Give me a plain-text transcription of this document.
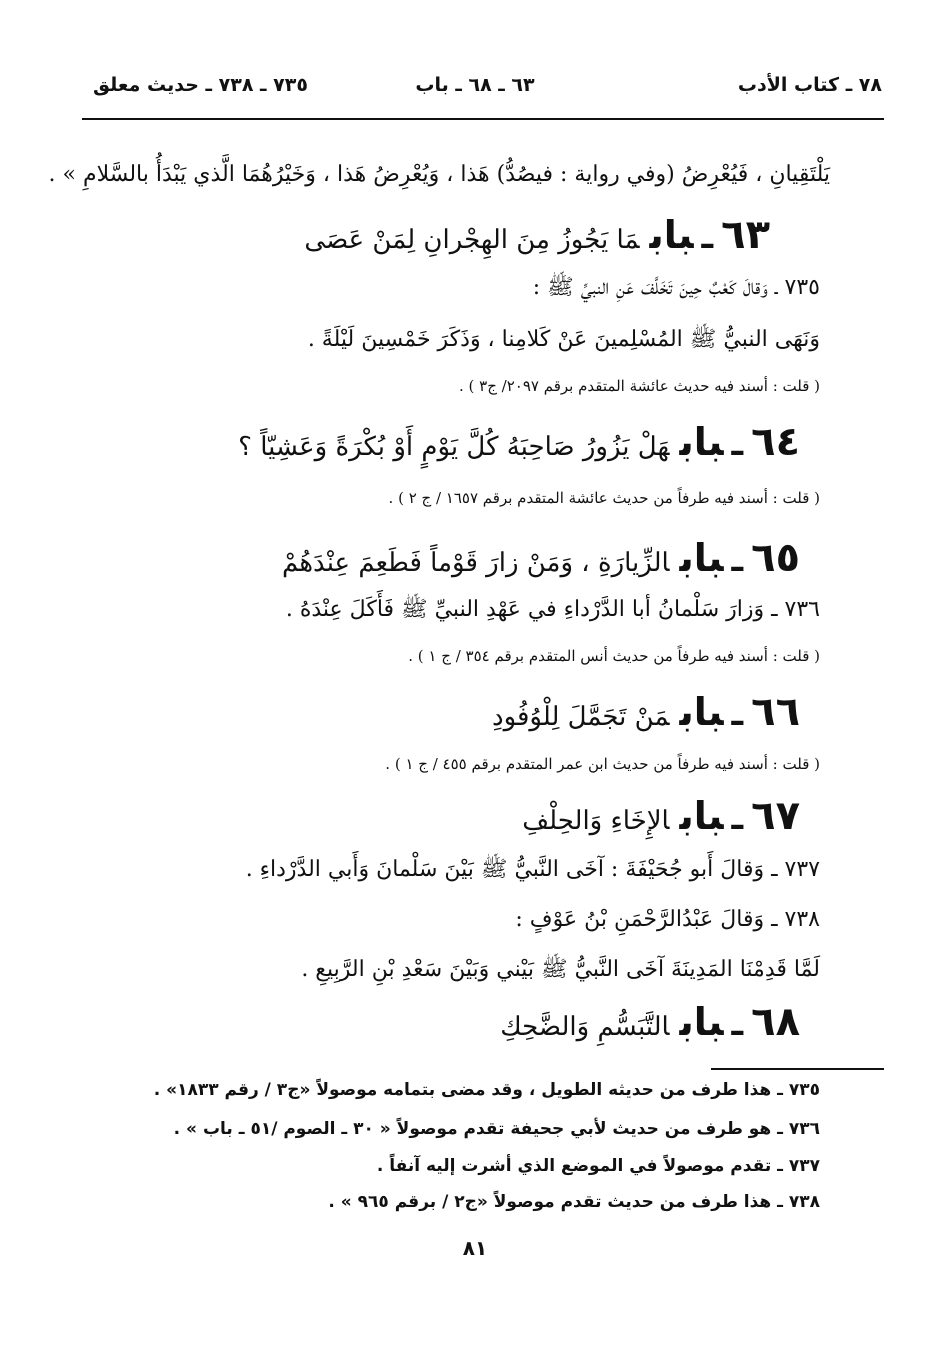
٧٨ ـ كتاب الأدب
٦٣ ـ ٦٨ ـ باب
٧٣٥ ـ ٧٣٨ ـ حديث معلق
يَلْتَقِيانِ ، فَيُعْرِضُ (وفي رواية : فيصُدُّ) هَذا ، وَيُعْرِضُ هَذا ، وَخَيْرُهُمَا الَّذي يَبْدَأُ بالسَّلامِ » .
٦٣ـبابمَا يَجُوزُ مِنَ الهِجْرانِ لِمَنْ عَصَى
٧٣٥ ـ وَقالَ كَعْبٌ حِينَ تَخَلَّفَ عَنِ النبيِّ ﷺ :
وَنَهَى النبيُّ ﷺ المُسْلِمينَ عَنْ كَلامِنا ، وَذَكَرَ خَمْسِينَ لَيْلَةً .
( قلت : أسند فيه حديث عائشة المتقدم برقم ٢٠٩٧/ ج٣ ) .
٦٤ـبابهَلْ يَزُورُ صَاحِبَهُ كُلَّ يَوْمٍ أَوْ بُكْرَةً وَعَشِيّاً ؟
( قلت : أسند فيه طرفاً من حديث عائشة المتقدم برقم ١٦٥٧ / ج ٢ ) .
٦٥ـبابالزِّيارَةِ ، وَمَنْ زارَ قَوْماً فَطَعِمَ عِنْدَهُمْ
٧٣٦ ـ وَزارَ سَلْمانُ أبا الدَّرْداءِ في عَهْدِ النبيِّ ﷺ فَأَكَلَ عِنْدَهُ .
( قلت : أسند فيه طرفاً من حديث أنس المتقدم برقم ٣٥٤ / ج ١ ) .
٦٦ـبابمَنْ تَجَمَّلَ لِلْوُفُودِ
( قلت : أسند فيه طرفاً من حديث ابن عمر المتقدم برقم ٤٥٥ / ج ١ ) .
٦٧ـبابالإِخَاءِ وَالحِلْفِ
٧٣٧ ـ وَقالَ أَبو جُحَيْفَةَ : آخَى النَّبيُّ ﷺ بَيْنَ سَلْمانَ وَأَبي الدَّرْداءِ .
٧٣٨ ـ وَقالَ عَبْدُالرَّحْمَنِ بْنُ عَوْفٍ :
لَمَّا قَدِمْنَا المَدِينَةَ آخَى النَّبيُّ ﷺ بَيْني وَبَيْنَ سَعْدِ بْنِ الرَّبِيعِ .
٦٨ـبابالتَّبَسُّمِ وَالضَّحِكِ
٧٣٥ ـ هذا طرف من حديثه الطويل ، وقد مضى بتمامه موصولاً «ج٣ / رقم ١٨٣٣» .
٧٣٦ ـ هو طرف من حديث لأبي جحيفة تقدم موصولاً « ٣٠ ـ الصوم /٥١ ـ باب » .
٧٣٧ ـ تقدم موصولاً في الموضع الذي أشرت إليه آنفاً .
٧٣٨ ـ هذا طرف من حديث تقدم موصولاً «ج٢ / برقم ٩٦٥ » .
٨١
